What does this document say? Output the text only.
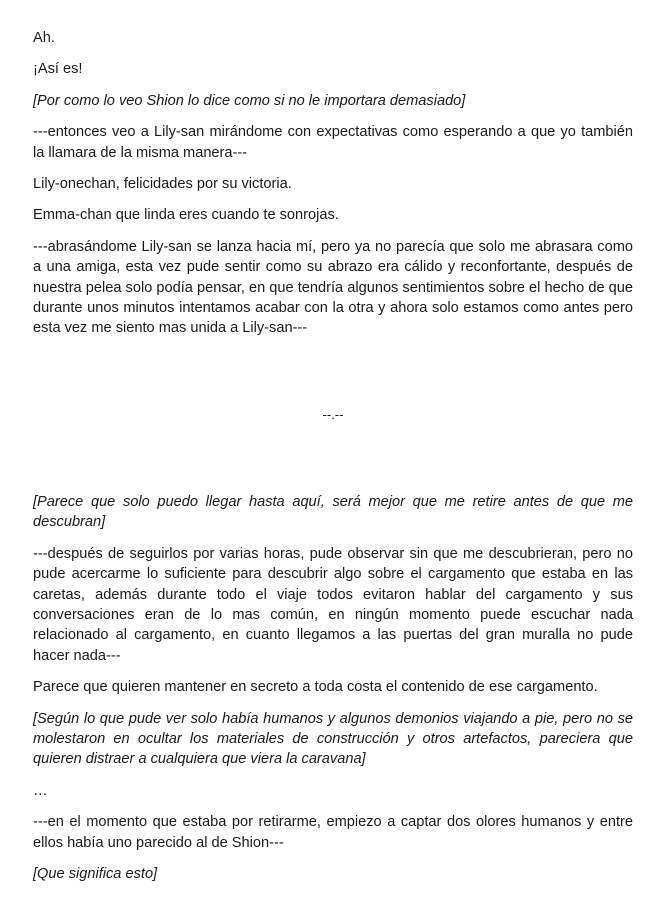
Ah.

¡Así es!

[Por como lo veo Shion lo dice como si no le importara demasiado]

---entonces veo a Lily-san mirándome con expectativas como esperando a que yo también la llamara de la misma manera---

Lily-onechan, felicidades por su victoria.

Emma-chan que linda eres cuando te sonrojas.

---abrasándome Lily-san se lanza hacia mí, pero ya no parecía que solo me abrasara como a una amiga, esta vez pude sentir como su abrazo era cálido y reconfortante, después de nuestra pelea solo podía pensar, en que tendría algunos sentimientos sobre el hecho de que durante unos minutos intentamos acabar con la otra y ahora solo estamos como antes pero esta vez me siento mas unida a Lily-san---

--.--

[Parece que solo puedo llegar hasta aquí, será mejor que me retire antes de que me descubran]

---después de seguirlos por varias horas, pude observar sin que me descubrieran, pero no pude acercarme lo suficiente para descubrir algo sobre el cargamento que estaba en las caretas, además durante todo el viaje todos evitaron hablar del cargamento y sus conversaciones eran de lo mas común, en ningún momento puede escuchar nada relacionado al cargamento, en cuanto llegamos a las puertas del gran muralla no pude hacer nada---

Parece que quieren mantener en secreto a toda costa el contenido de ese cargamento.

[Según lo que pude ver solo había humanos y algunos demonios viajando a pie, pero no se molestaron en ocultar los materiales de construcción y otros artefactos, pareciera que quieren distraer a cualquiera que viera la caravana]

…

---en el momento que estaba por retirarme, empiezo a captar dos olores humanos y entre ellos había uno parecido al de Shion---

[Que significa esto]
